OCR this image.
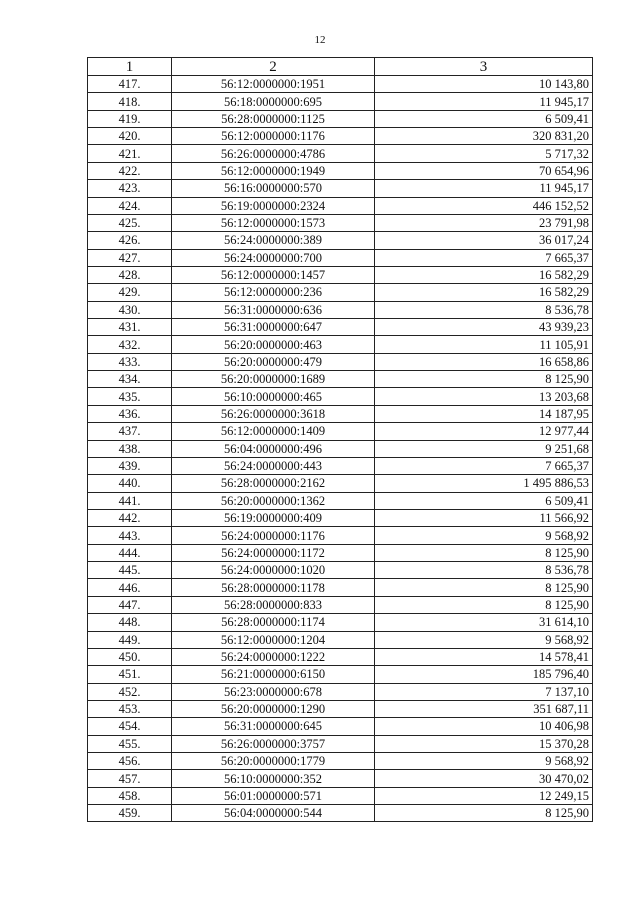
12
1	2	3
417.	56:12:0000000:1951	10 143,80
418.	56:18:0000000:695	11 945,17
419.	56:28:0000000:1125	6 509,41
420.	56:12:0000000:1176	320 831,20
421.	56:26:0000000:4786	5 717,32
422.	56:12:0000000:1949	70 654,96
423.	56:16:0000000:570	11 945,17
424.	56:19:0000000:2324	446 152,52
425.	56:12:0000000:1573	23 791,98
426.	56:24:0000000:389	36 017,24
427.	56:24:0000000:700	7 665,37
428.	56:12:0000000:1457	16 582,29
429.	56:12:0000000:236	16 582,29
430.	56:31:0000000:636	8 536,78
431.	56:31:0000000:647	43 939,23
432.	56:20:0000000:463	11 105,91
433.	56:20:0000000:479	16 658,86
434.	56:20:0000000:1689	8 125,90
435.	56:10:0000000:465	13 203,68
436.	56:26:0000000:3618	14 187,95
437.	56:12:0000000:1409	12 977,44
438.	56:04:0000000:496	9 251,68
439.	56:24:0000000:443	7 665,37
440.	56:28:0000000:2162	1 495 886,53
441.	56:20:0000000:1362	6 509,41
442.	56:19:0000000:409	11 566,92
443.	56:24:0000000:1176	9 568,92
444.	56:24:0000000:1172	8 125,90
445.	56:24:0000000:1020	8 536,78
446.	56:28:0000000:1178	8 125,90
447.	56:28:0000000:833	8 125,90
448.	56:28:0000000:1174	31 614,10
449.	56:12:0000000:1204	9 568,92
450.	56:24:0000000:1222	14 578,41
451.	56:21:0000000:6150	185 796,40
452.	56:23:0000000:678	7 137,10
453.	56:20:0000000:1290	351 687,11
454.	56:31:0000000:645	10 406,98
455.	56:26:0000000:3757	15 370,28
456.	56:20:0000000:1779	9 568,92
457.	56:10:0000000:352	30 470,02
458.	56:01:0000000:571	12 249,15
459.	56:04:0000000:544	8 125,90
